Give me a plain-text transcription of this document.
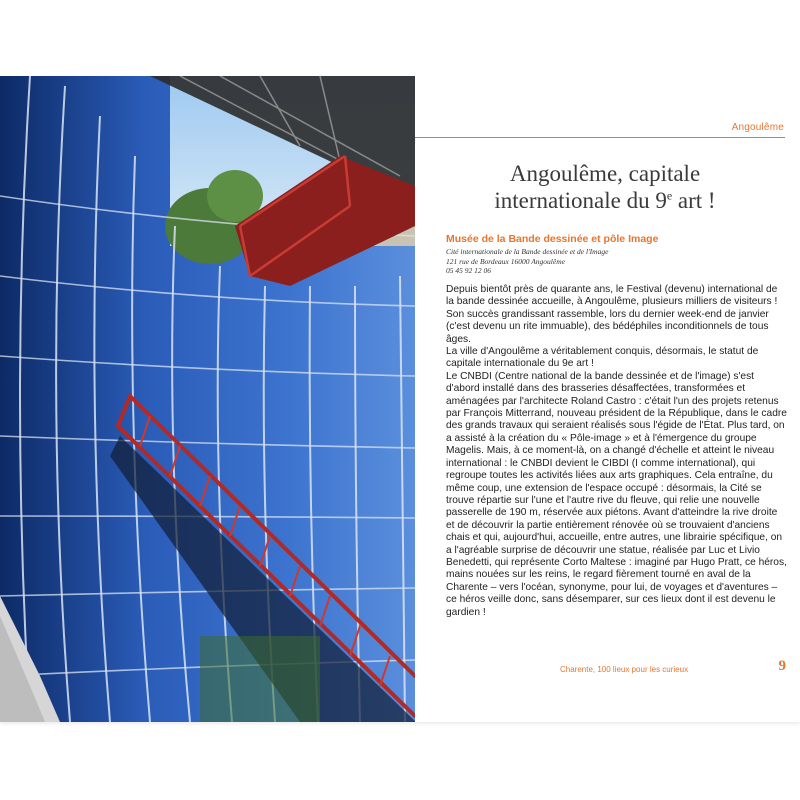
Angoulême
Angoulême, capitale
internationale du 9e art !
Musée de la Bande dessinée et pôle Image
Cité internationale de la Bande dessinée et de l'Image
121 rue de Bordeaux 16000 Angoulême
05 45 92 12 06

Depuis bientôt près de quarante ans, le Festival (devenu) international de la bande dessinée accueille, à Angoulême, plusieurs milliers de visiteurs ! Son succès grandissant rassemble, lors du dernier week-end de janvier (c'est devenu un rite immuable), des bédéphiles inconditionnels de tous âges.

La ville d'Angoulême a véritablement conquis, désormais, le statut de capitale internationale du 9e art !

Le CNBDI (Centre national de la bande dessinée et de l'image) s'est d'abord installé dans des brasseries désaffectées, transformées et aménagées par l'architecte Roland Castro : c'était l'un des projets retenus par François Mitterrand, nouveau président de la République, dans le cadre des grands travaux qui seraient réalisés sous l'égide de l'État. Plus tard, on a assisté à la création du « Pôle-image » et à l'émergence du groupe Magelis. Mais, à ce moment-là, on a changé d'échelle et atteint le niveau international : le CNBDI devient le CIBDI (I comme international), qui regroupe toutes les activités liées aux arts graphiques. Cela entraîne, du même coup, une extension de l'espace occupé : désormais, la Cité se trouve répartie sur l'une et l'autre rive du fleuve, qui relie une nouvelle passerelle de 190 m, réservée aux piétons. Avant d'atteindre la rive droite et de découvrir la partie entièrement rénovée où se trouvaient d'anciens chais et qui, aujourd'hui, accueille, entre autres, une librairie spécifique, on a l'agréable surprise de découvrir une statue, réalisée par Luc et Livio Benedetti, qui représente Corto Maltese : imaginé par Hugo Pratt, ce héros, mains nouées sur les reins, le regard fièrement tourné en aval de la Charente – vers l'océan, synonyme, pour lui, de voyages et d'aventures – ce héros veille donc, sans désemparer, sur ces lieux dont il est devenu le gardien !

Charente, 100 lieux pour les curieux	9
